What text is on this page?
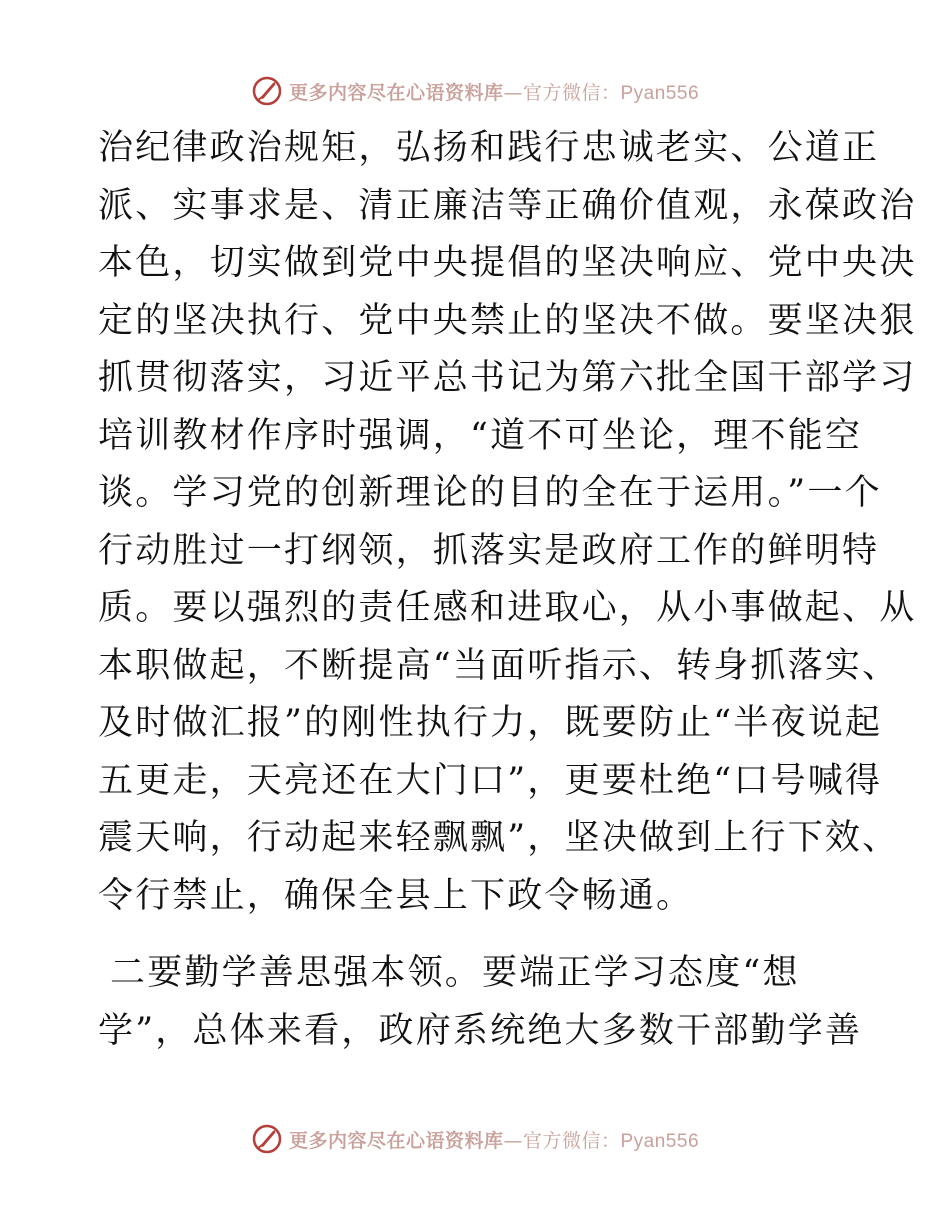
更多内容尽在心语资料库—官方微信：Pyan556
治纪律政治规矩，弘扬和践行忠诚老实、公道正
派、实事求是、清正廉洁等正确价值观，永葆政治
本色，切实做到党中央提倡的坚决响应、党中央决
定的坚决执行、党中央禁止的坚决不做。要坚决狠
抓贯彻落实，习近平总书记为第六批全国干部学习
培训教材作序时强调，“道不可坐论，理不能空
谈。学习党的创新理论的目的全在于运用。”一个
行动胜过一打纲领，抓落实是政府工作的鲜明特
质。要以强烈的责任感和进取心，从小事做起、从
本职做起，不断提高“当面听指示、转身抓落实、
及时做汇报”的刚性执行力，既要防止“半夜说起
五更走，天亮还在大门口”，更要杜绝“口号喊得
震天响，行动起来轻飘飘”，坚决做到上行下效、
令行禁止，确保全县上下政令畅通。
二要勤学善思强本领。要端正学习态度“想
学”，总体来看，政府系统绝大多数干部勤学善
更多内容尽在心语资料库—官方微信：Pyan556
